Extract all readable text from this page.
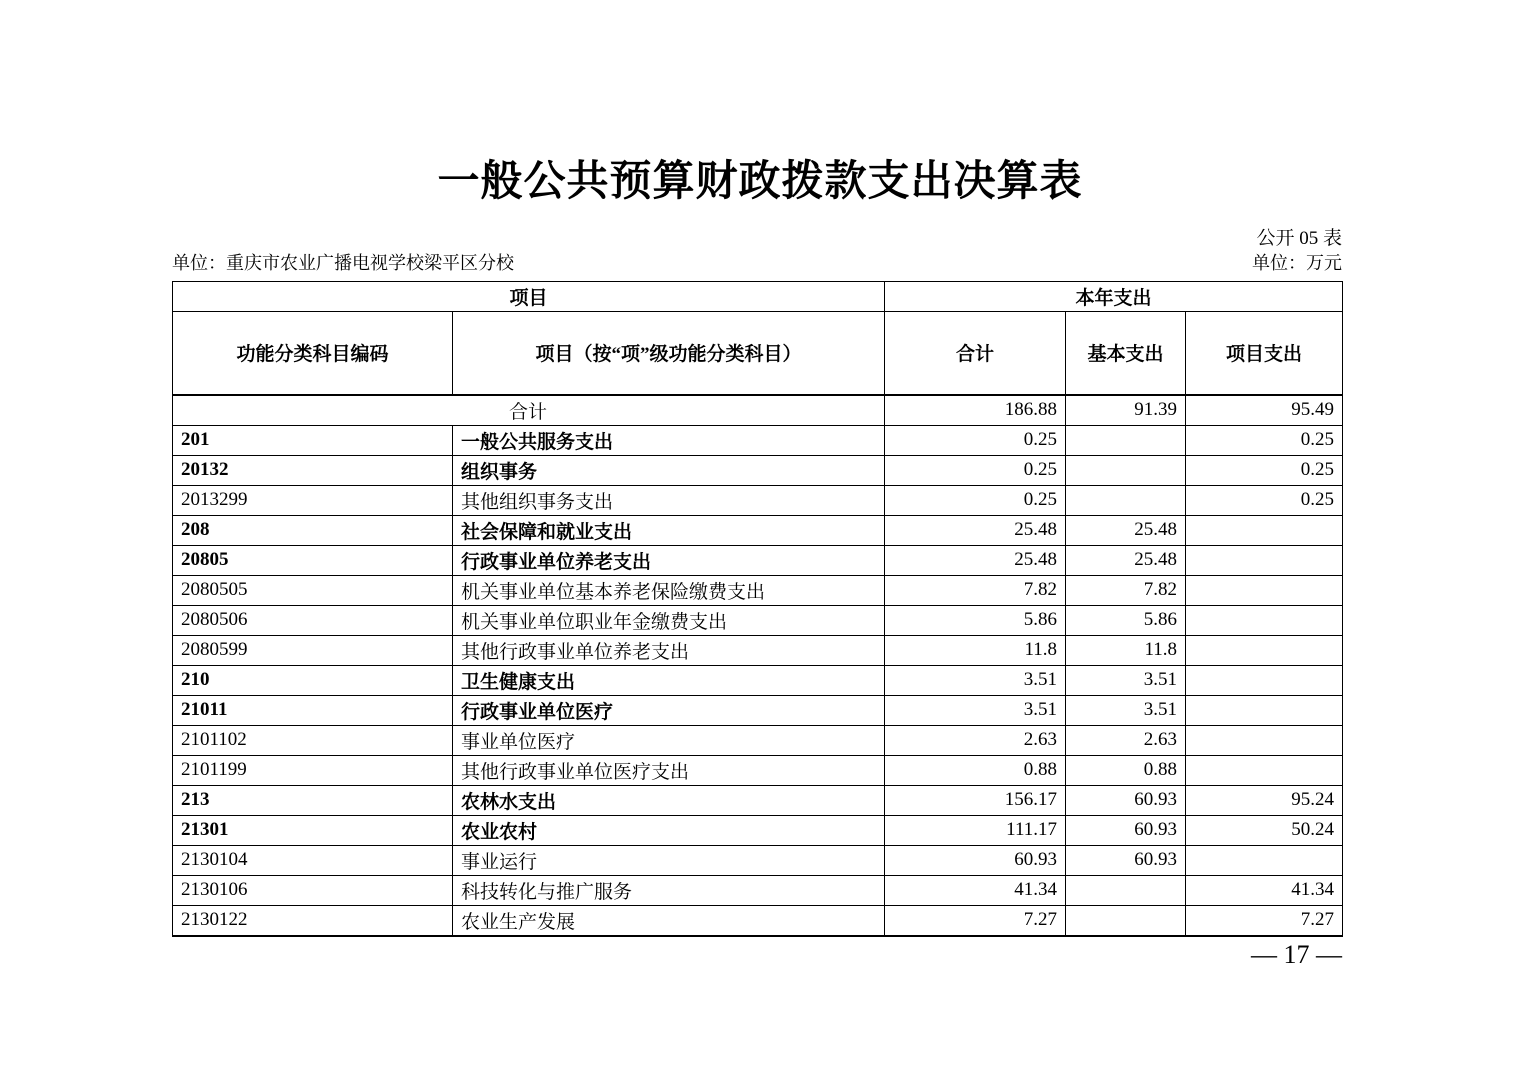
一般公共预算财政拨款支出决算表
公开 05 表
单位：重庆市农业广播电视学校梁平区分校	单位：万元
项目		本年支出		
功能分类科目编码	项目（按“项”级功能分类科目）	合计	基本支出	项目支出
合计		186.88	91.39	95.49
201	一般公共服务支出	0.25		0.25
20132	组织事务	0.25		0.25
2013299	其他组织事务支出	0.25		0.25
208	社会保障和就业支出	25.48	25.48	
20805	行政事业单位养老支出	25.48	25.48	
2080505	机关事业单位基本养老保险缴费支出	7.82	7.82	
2080506	机关事业单位职业年金缴费支出	5.86	5.86	
2080599	其他行政事业单位养老支出	11.8	11.8	
210	卫生健康支出	3.51	3.51	
21011	行政事业单位医疗	3.51	3.51	
2101102	事业单位医疗	2.63	2.63	
2101199	其他行政事业单位医疗支出	0.88	0.88	
213	农林水支出	156.17	60.93	95.24
21301	农业农村	111.17	60.93	50.24
2130104	事业运行	60.93	60.93	
2130106	科技转化与推广服务	41.34		41.34
2130122	农业生产发展	7.27		7.27
— 17 —
